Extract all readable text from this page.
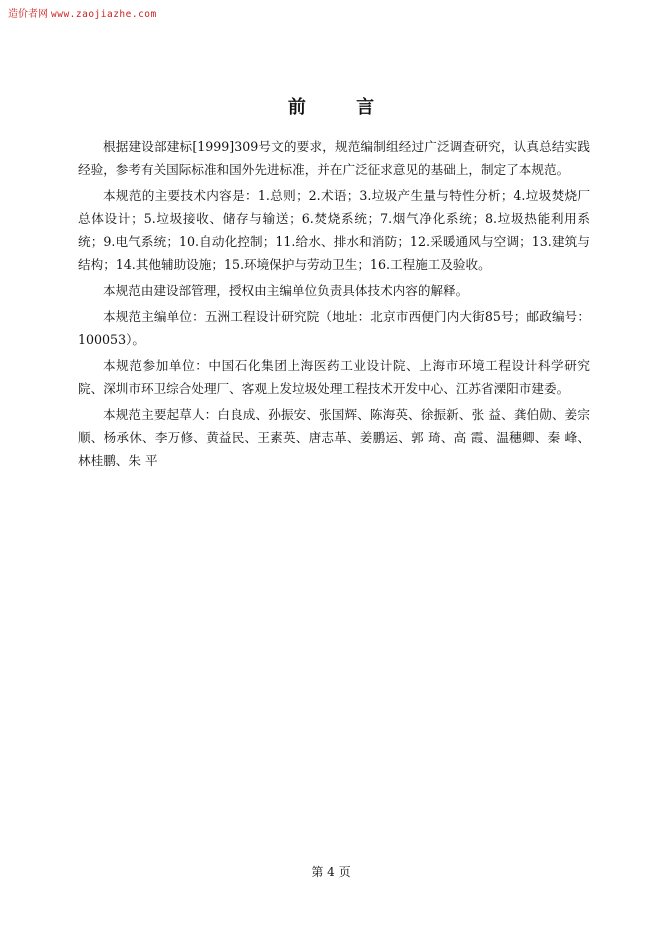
造价者网 www.zaojiazhe.com
前 言

根据建设部建标[1999]309号文的要求，规范编制组经过广泛调查研究，认真总结实践经验，参考有关国际标准和国外先进标准，并在广泛征求意见的基础上，制定了本规范。

本规范的主要技术内容是：1.总则；2.术语；3.垃圾产生量与特性分析；4.垃圾焚烧厂总体设计；5.垃圾接收、储存与输送；6.焚烧系统；7.烟气净化系统；8.垃圾热能利用系统；9.电气系统；10.自动化控制；11.给水、排水和消防；12.采暖通风与空调；13.建筑与结构；14.其他辅助设施；15.环境保护与劳动卫生；16.工程施工及验收。

本规范由建设部管理，授权由主编单位负责具体技术内容的解释。

本规范主编单位：五洲工程设计研究院（地址：北京市西便门内大街85号；邮政编号：100053）。

本规范参加单位：中国石化集团上海医药工业设计院、上海市环境工程设计科学研究院、深圳市环卫综合处理厂、客观上发垃圾处理工程技术开发中心、江苏省溧阳市建委。

本规范主要起草人：白良成、孙振安、张国辉、陈海英、徐振新、张 益、龚伯勋、姜宗顺、杨承休、李万修、黄益民、王素英、唐志革、姜鹏运、郭 琦、高 霞、温穗卿、秦 峰、林桂鹏、朱 平

第 4 页
